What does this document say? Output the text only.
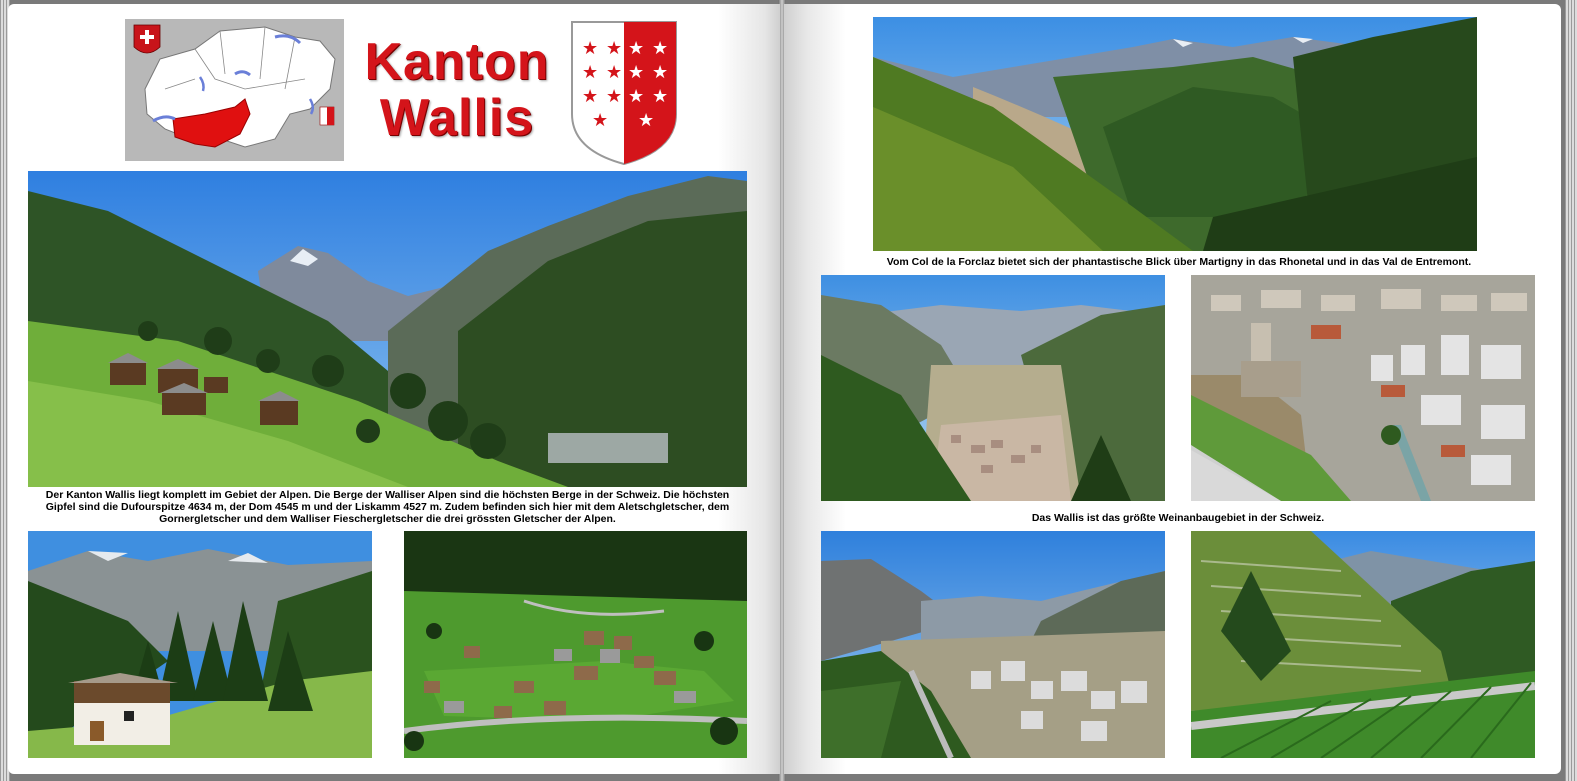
Kanton
Wallis
★ ★
★ ★
★ ★
★
★ ★
★ ★
★ ★
★
Der Kanton Wallis liegt komplett im Gebiet der Alpen. Die Berge der Walliser Alpen sind die höchsten Berge in der Schweiz. Die höchsten Gipfel sind die Dufourspitze 4634 m, der Dom 4545 m und der Liskamm 4527 m. Zudem befinden sich hier mit dem Aletschgletscher, dem Gornergletscher und dem Walliser Fieschergletscher die drei grössten Gletscher der Alpen.
Vom Col de la Forclaz bietet sich der phantastische Blick über Martigny in das Rhonetal und in das Val de Entremont.
Das Wallis ist das größte Weinanbaugebiet in der Schweiz.
